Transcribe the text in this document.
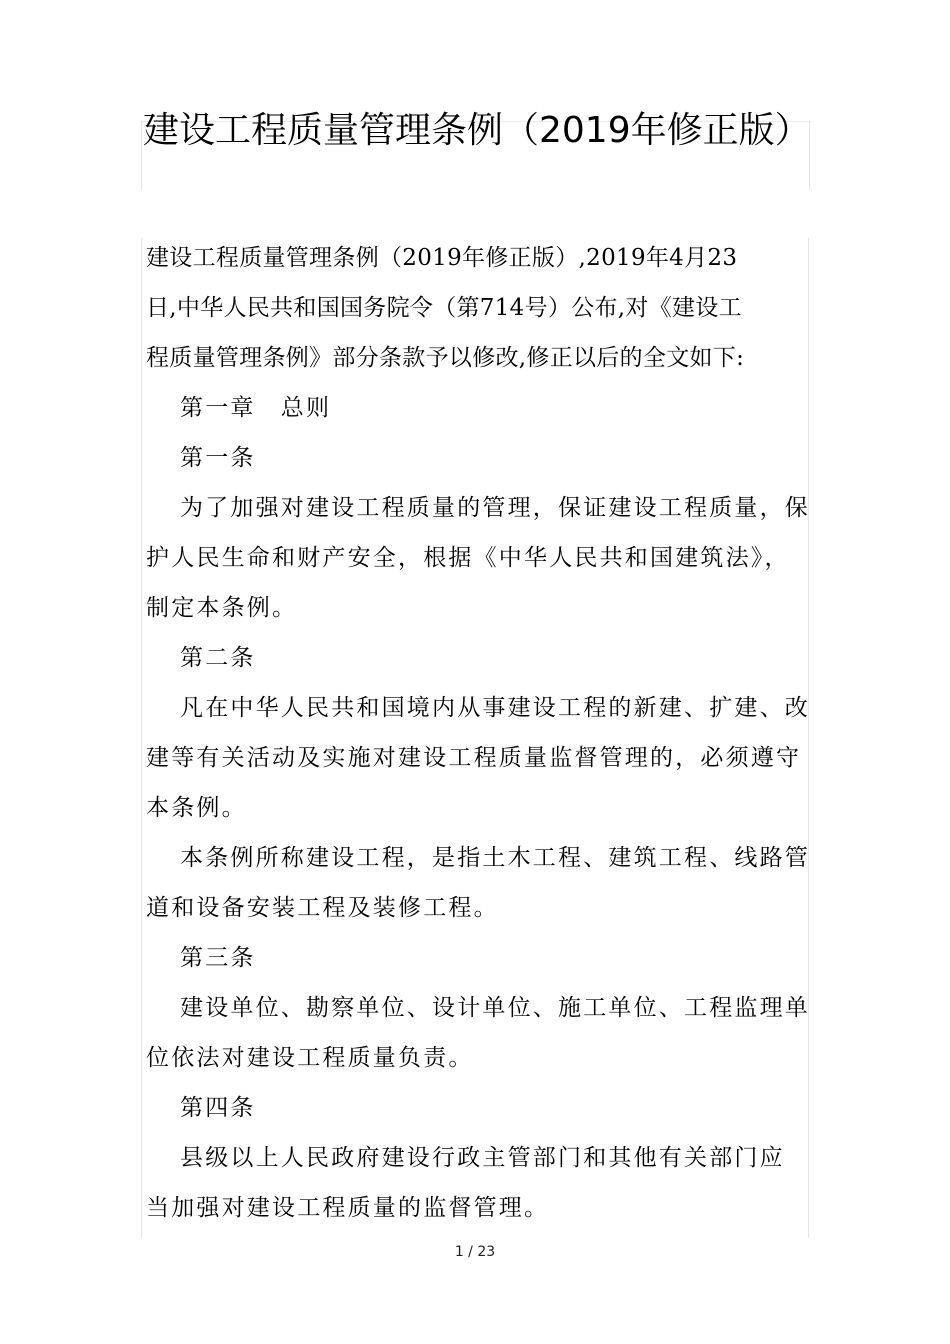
建设工程质量管理条例（2019年修正版）
建设工程质量管理条例（2019年修正版）,2019年4月23
日,中华人民共和国国务院令（第714号）公布,对《建设工
程质量管理条例》部分条款予以修改,修正以后的全文如下:
第一章　总则
第一条
为了加强对建设工程质量的管理，保证建设工程质量，保
护人民生命和财产安全，根据《中华人民共和国建筑法》，
制定本条例。
第二条
凡在中华人民共和国境内从事建设工程的新建、扩建、改
建等有关活动及实施对建设工程质量监督管理的，必须遵守
本条例。
本条例所称建设工程，是指土木工程、建筑工程、线路管
道和设备安装工程及装修工程。
第三条
建设单位、勘察单位、设计单位、施工单位、工程监理单
位依法对建设工程质量负责。
第四条
县级以上人民政府建设行政主管部门和其他有关部门应
当加强对建设工程质量的监督管理。
1 / 23
